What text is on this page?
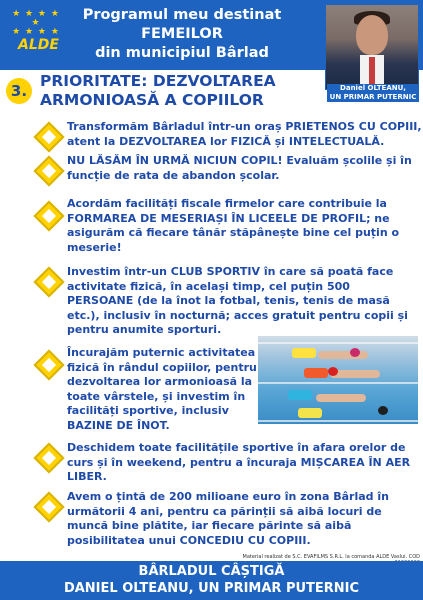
★ ★ ★ ★ ★
★ ★ ★ ★
ALDE
Programul meu destinat
FEMEILOR
din municipiul Bârlad
Daniel OLTEANU,
UN PRIMAR PUTERNIC
3.
PRIORITATE: DEZVOLTAREA
ARMONIOASĂ A COPIILOR
Transformăm Bârladul într-un oraș PRIETENOS CU COPIII,
atent la DEZVOLTAREA lor FIZICĂ și INTELECTUALĂ.
NU LĂSĂM ÎN URMĂ NICIUN COPIL! Evaluăm școlile și în
funcție de rata de abandon școlar.
Acordăm facilități fiscale firmelor care contribuie la
FORMAREA DE MESERIAȘI ÎN LICEELE DE PROFIL; ne
asigurăm că fiecare tânăr stăpânește bine cel puțin o
meserie!
Investim într-un CLUB SPORTIV în care să poată face
activitate fizică, în același timp, cel puțin 500
PERSOANE (de la înot la fotbal, tenis, tenis de masă
etc.), inclusiv în nocturnă; acces gratuit pentru copii și
pentru anumite sporturi.
Încurajăm puternic activitatea
fizică în rândul copiilor, pentru
dezvoltarea lor armonioasă la
toate vârstele, și investim în
facilități sportive, inclusiv
BAZINE DE ÎNOT.
Deschidem toate facilitățile sportive în afara orelor de
curs și în weekend, pentru a încuraja MIȘCAREA ÎN AER
LIBER.
Avem o țintă de 200 milioane euro în zona Bârlad în
următorii 4 ani, pentru ca părinții să aibă locuri de
muncă bine plătite, iar fiecare părinte să aibă
posibilitatea unui CONCEDIU CU COPIII.
Material realizat de S.C. EVAFILMS S.R.L. la comanda ALDE Vaslui. COD
BÂRLADUL CÂȘTIGĂ
DANIEL OLTEANU, UN PRIMAR PUTERNIC
